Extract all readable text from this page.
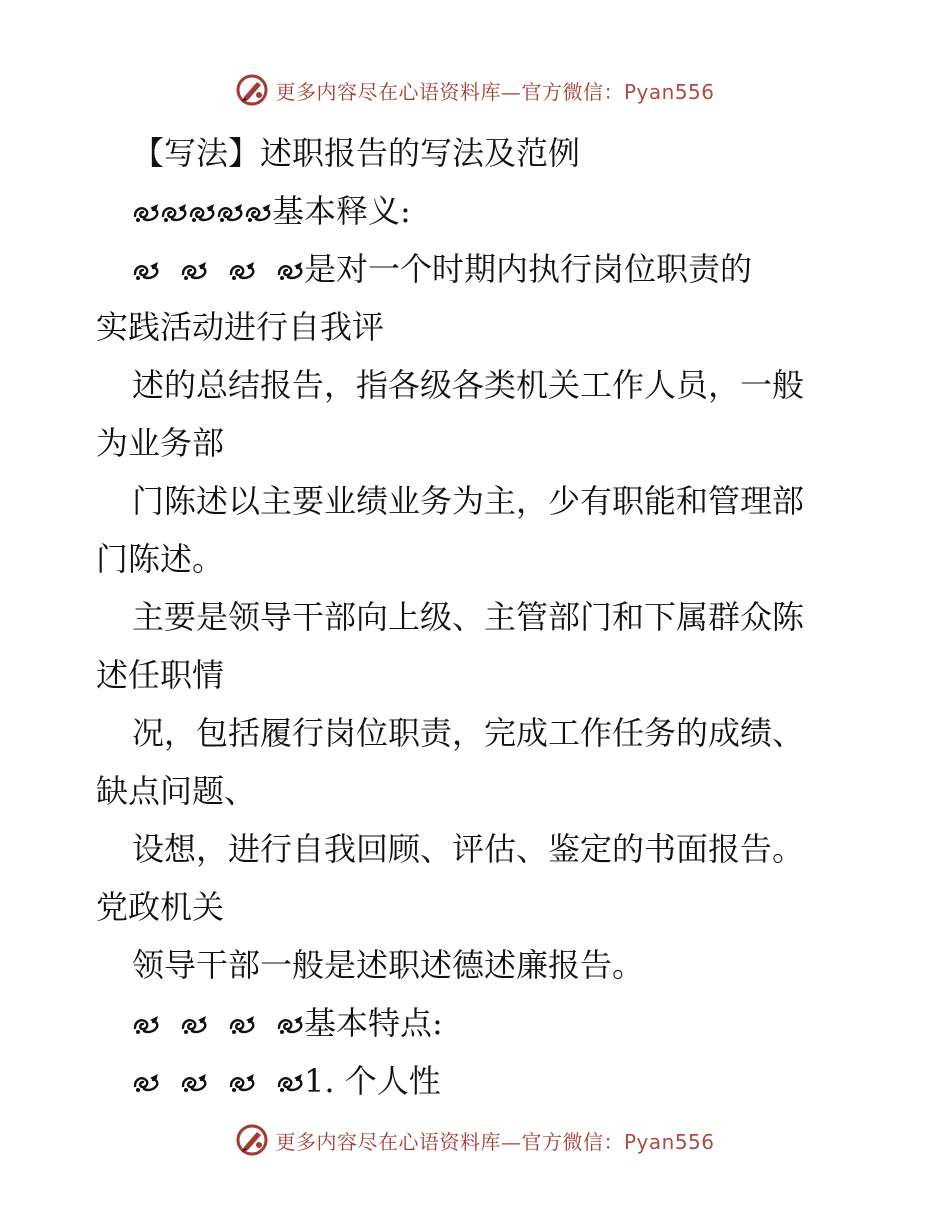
更多内容尽在心语资料库—官方微信：Pyan556
【写法】述职报告的写法及范例
基本释义:
是对一个时期内执行岗位职责的
实践活动进行自我评
述的总结报告，指各级各类机关工作人员，一般
为业务部
门陈述以主要业绩业务为主，少有职能和管理部
门陈述。
主要是领导干部向上级、主管部门和下属群众陈
述任职情
况，包括履行岗位职责，完成工作任务的成绩、
缺点问题、
设想，进行自我回顾、评估、鉴定的书面报告。
党政机关
领导干部一般是述职述德述廉报告。
基本特点:
1. 个人性
更多内容尽在心语资料库—官方微信：Pyan556
